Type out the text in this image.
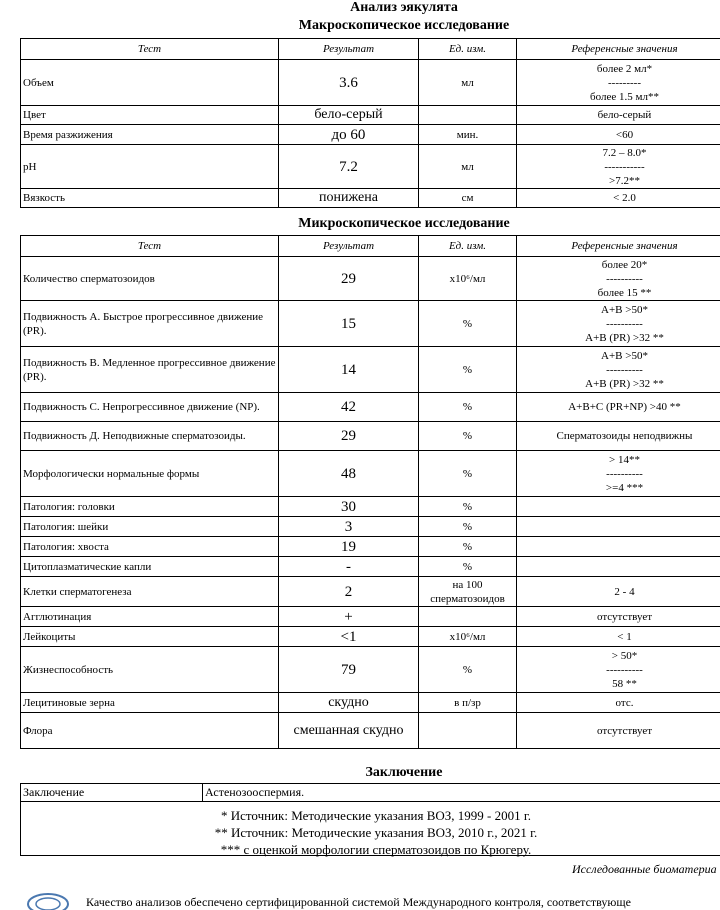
Анализ эякулята
Макроскопическое исследование
Тест	Результат	Ед. изм.	Референсные значения
Объем	3.6	мл	более 2 мл*
---------
более 1.5 мл**

Цвет	бело-серый		бело-серый

Время разжижения	до 60	мин.	<60

pH	7.2	мл	7.2 – 8.0*
-----------
>7.2**

Вязкость	понижена	см	< 2.0
Микроскопическое исследование
Тест	Результат	Ед. изм.	Референсные значения
Количество сперматозоидов	29	x10⁶/мл	более 20*
----------
более 15 **

Подвижность А. Быстрое прогрессивное движение (PR).	15	%	A+B >50*
----------
A+B (PR) >32 **

Подвижность В. Медленное прогрессивное движение (PR).	14	%	A+B >50*
----------
A+B (PR) >32 **

Подвижность С. Непрогрессивное движение (NP).	42	%	A+B+C (PR+NP) >40 **

Подвижность Д. Неподвижные сперматозоиды.	29	%	Сперматозоиды неподвижны

Морфологически нормальные формы	48	%	> 14**
----------
>=4 ***

Патология: головки	30	%	

Патология: шейки	3	%	

Патология: хвоста	19	%	

Цитоплазматические капли	-	%	

Клетки сперматогенеза	2	на 100 сперматозоидов	2 - 4

Агглютинация	+		отсутствует

Лейкоциты	<1	x10⁶/мл	< 1

Жизнеспособность	79	%	> 50*
----------
58 **

Лецитиновые зерна	скудно	в п/зр	отс.

Флора	смешанная скудно		отсутствует
Заключение
Заключение	Астенозооспермия.
* Источник: Методические указания ВОЗ, 1999 - 2001 г.
** Источник: Методические указания ВОЗ, 2010 г., 2021 г.
*** с оценкой морфологии сперматозоидов по Крюгеру.
Исследованные биоматериа
Качество анализов обеспечено сертифицированной системой Международного контроля, соответствующе
